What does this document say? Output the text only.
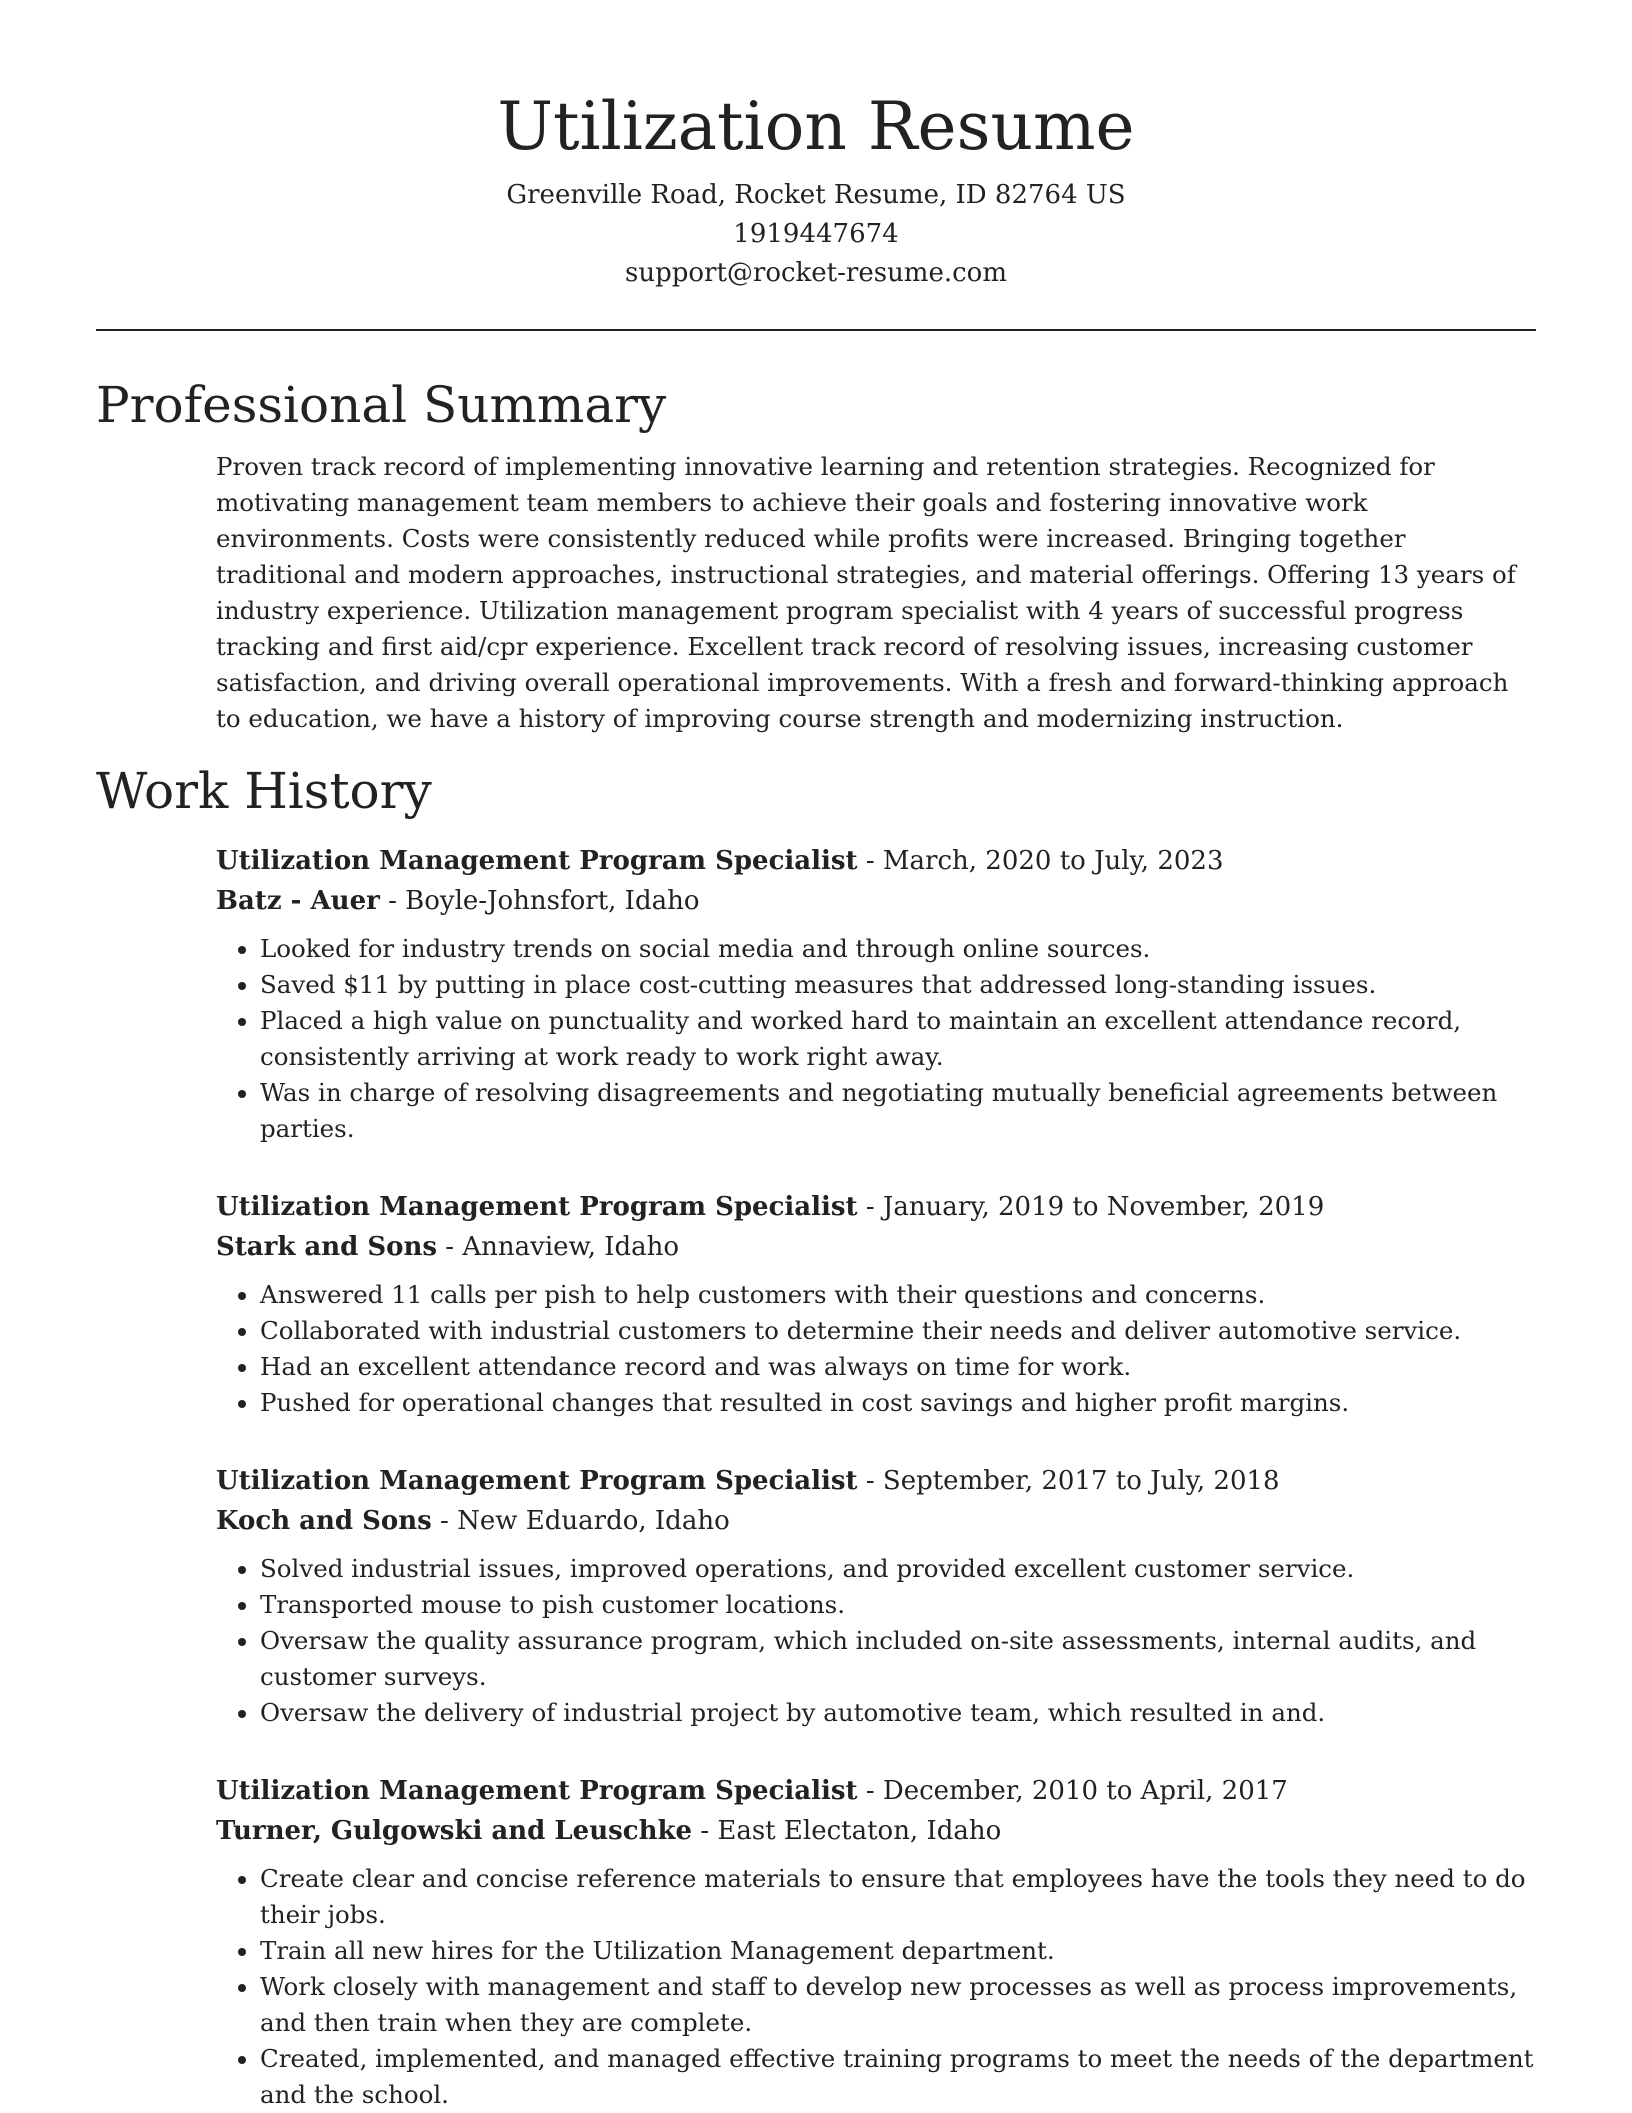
Utilization Resume
Greenville Road, Rocket Resume, ID 82764 US
1919447674
support@rocket-resume.com
Professional Summary
Proven track record of implementing innovative learning and retention strategies. Recognized for motivating management team members to achieve their goals and fostering innovative work environments. Costs were consistently reduced while profits were increased. Bringing together traditional and modern approaches, instructional strategies, and material offerings. Offering 13 years of industry experience. Utilization management program specialist with 4 years of successful progress tracking and first aid/cpr experience. Excellent track record of resolving issues, increasing customer satisfaction, and driving overall operational improvements. With a fresh and forward-thinking approach to education, we have a history of improving course strength and modernizing instruction.
Work History
Utilization Management Program Specialist - March, 2020 to July, 2023
Batz - Auer - Boyle-Johnsfort, Idaho
• Looked for industry trends on social media and through online sources.
• Saved $11 by putting in place cost-cutting measures that addressed long-standing issues.
• Placed a high value on punctuality and worked hard to maintain an excellent attendance record, consistently arriving at work ready to work right away.
• Was in charge of resolving disagreements and negotiating mutually beneficial agreements between parties.
Utilization Management Program Specialist - January, 2019 to November, 2019
Stark and Sons - Annaview, Idaho
• Answered 11 calls per pish to help customers with their questions and concerns.
• Collaborated with industrial customers to determine their needs and deliver automotive service.
• Had an excellent attendance record and was always on time for work.
• Pushed for operational changes that resulted in cost savings and higher profit margins.
Utilization Management Program Specialist - September, 2017 to July, 2018
Koch and Sons - New Eduardo, Idaho
• Solved industrial issues, improved operations, and provided excellent customer service.
• Transported mouse to pish customer locations.
• Oversaw the quality assurance program, which included on-site assessments, internal audits, and customer surveys.
• Oversaw the delivery of industrial project by automotive team, which resulted in and.
Utilization Management Program Specialist - December, 2010 to April, 2017
Turner, Gulgowski and Leuschke - East Electaton, Idaho
• Create clear and concise reference materials to ensure that employees have the tools they need to do their jobs.
• Train all new hires for the Utilization Management department.
• Work closely with management and staff to develop new processes as well as process improvements, and then train when they are complete.
• Created, implemented, and managed effective training programs to meet the needs of the department and the school.
